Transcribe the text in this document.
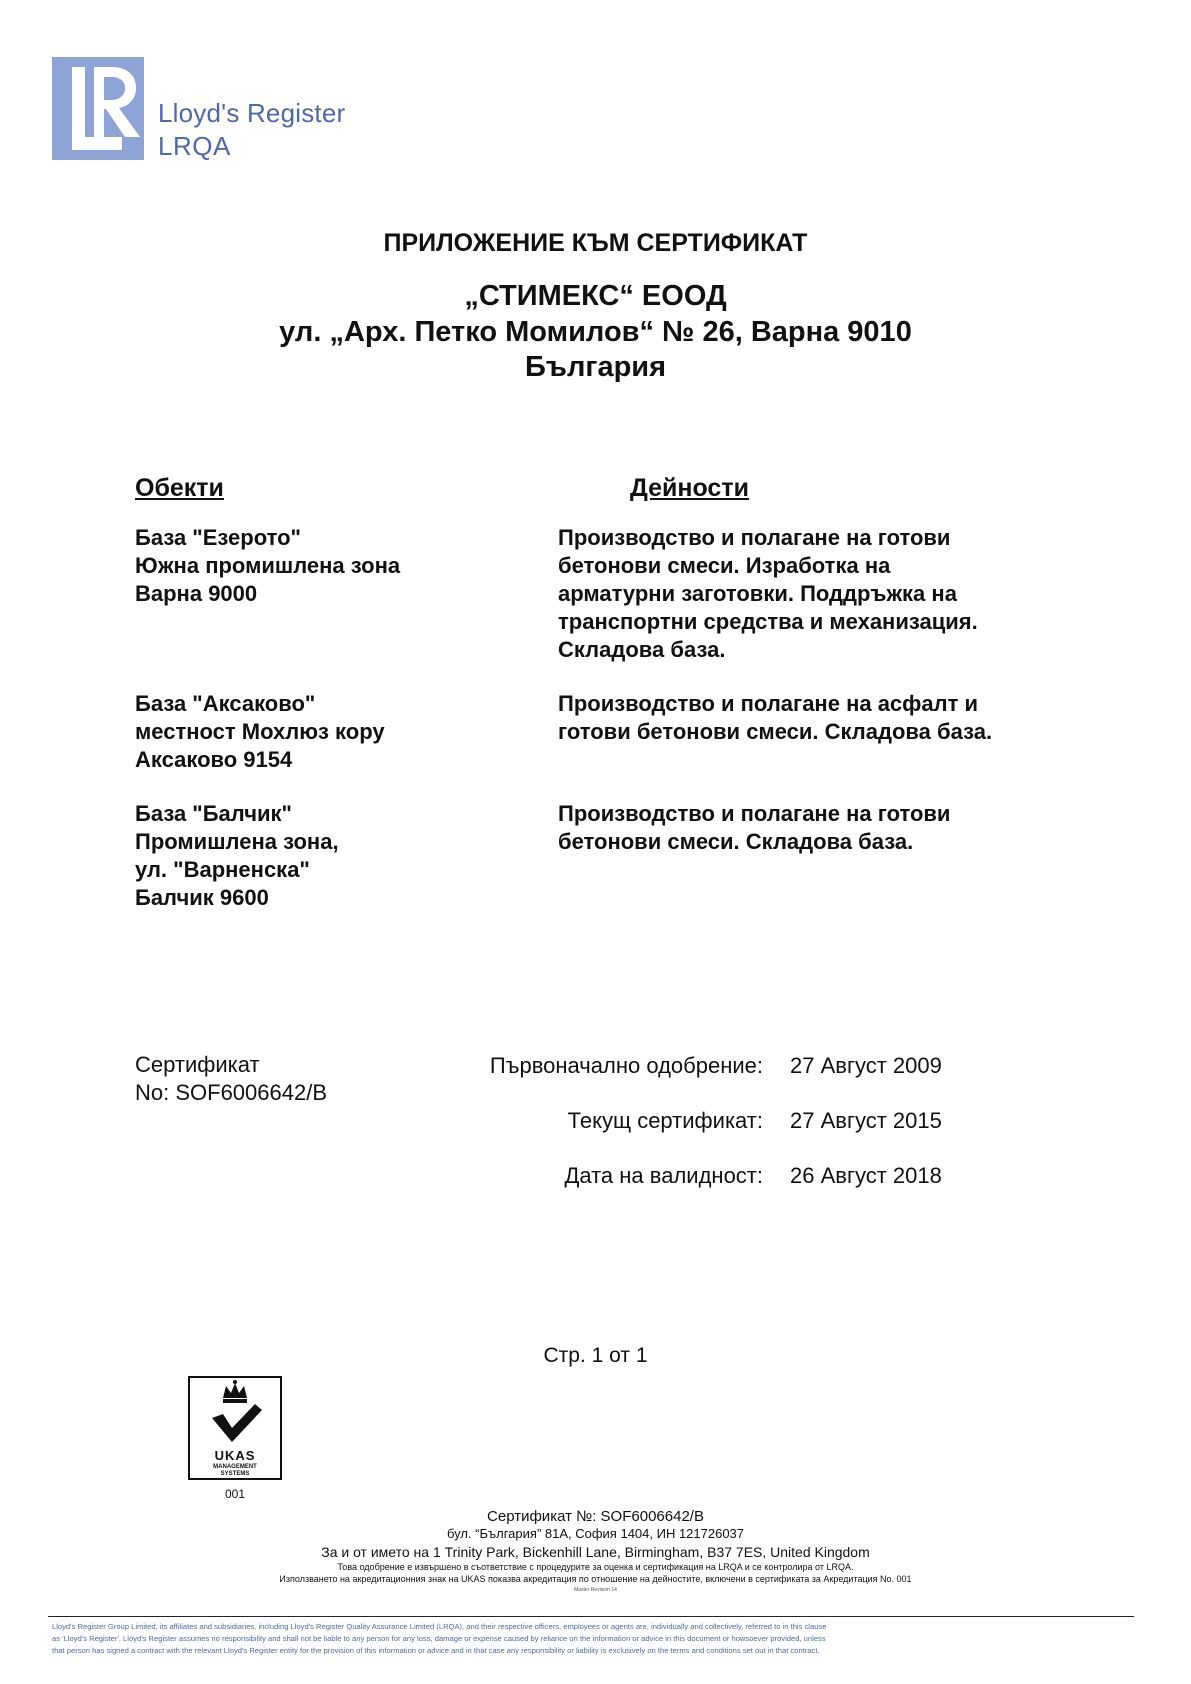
Lloyd's Register
LRQA
ПРИЛОЖЕНИЕ КЪМ СЕРТИФИКАТ
„СТИМЕКС“ ЕООД
ул. „Арх. Петко Момилов“ № 26, Варна 9010
България
Обекти	Дейности
База "Езерото"
Южна промишлена зона
Варна 9000
Производство и полагане на готови
бетонови смеси. Изработка на
арматурни заготовки. Поддръжка на
транспортни средства и механизация.
Складова база.
База "Аксаково"
местност Мохлюз кору
Аксаково 9154
Производство и полагане на асфалт и
готови бетонови смеси. Складова база.
База "Балчик"
Промишлена зона,
ул. "Варненска"
Балчик 9600
Производство и полагане на готови
бетонови смеси. Складова база.
Сертификат
No: SOF6006642/B
Първоначално одобрение: 27 Август 2009
Текущ сертификат: 27 Август 2015
Дата на валидност: 26 Август 2018
Стр. 1 от 1
UKAS
MANAGEMENT
SYSTEMS
001
Сертификат №: SOF6006642/B
бул. “България” 81А, София 1404, ИН 121726037
За и от името на 1 Trinity Park, Bickenhill Lane, Birmingham, B37 7ES, United Kingdom
Това одобрение е извършено в съответствие с процедурите за оценка и сертификация на LRQA и се контролира от LRQA.
Използването на акредитационния знак на UKAS показва акредитация по отношение на дейностите, включени в сертификата за Акредитация No. 001
Master Revision 14
Lloyd's Register Group Limited, its affiliates and subsidiaries, including Lloyd's Register Quality Assurance Limited (LRQA), and their respective officers, employees or agents are, individually and collectively, referred to in this clause
as 'Lloyd's Register'. Lloyd's Register assumes no responsibility and shall not be liable to any person for any loss, damage or expense caused by reliance on the information or advice in this document or howsoever provided, unless
that person has signed a contract with the relevant Lloyd's Register entity for the provision of this information or advice and in that case any responsibility or liability is exclusively on the terms and conditions set out in that contract.
